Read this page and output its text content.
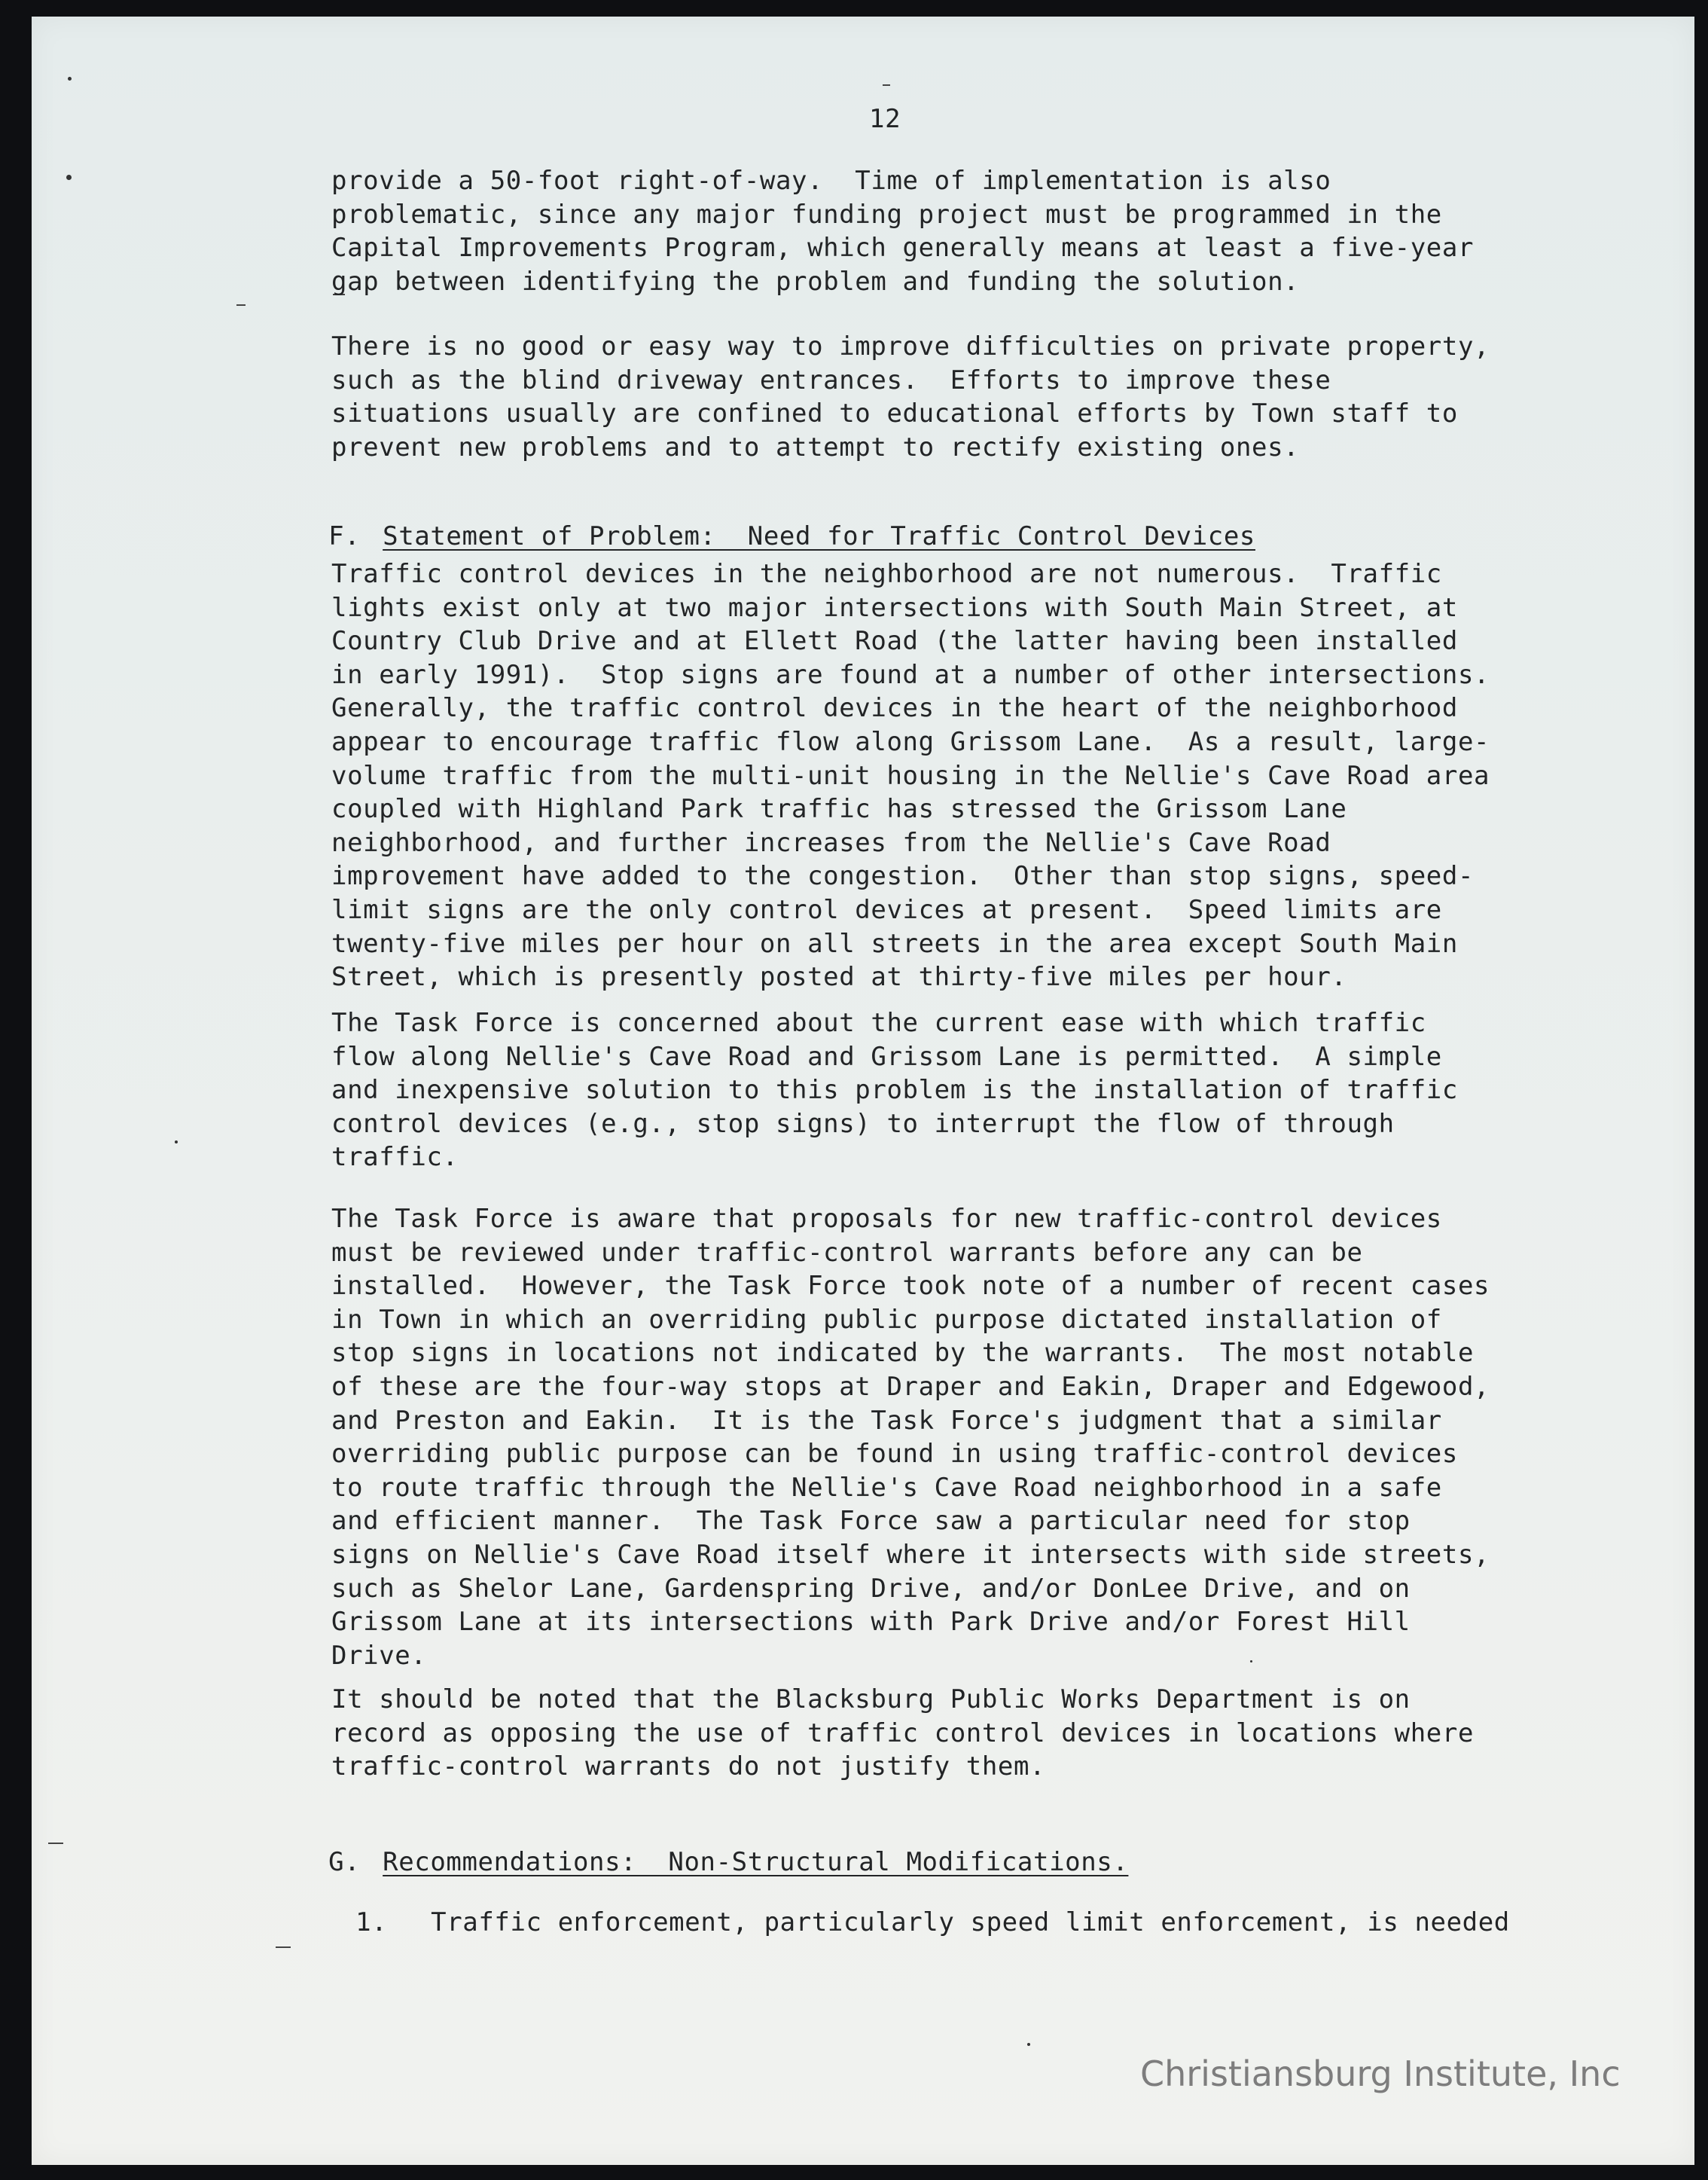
12

provide a 50-foot right-of-way.  Time of implementation is also
problematic, since any major funding project must be programmed in the
Capital Improvements Program, which generally means at least a five-year
gap between identifying the problem and funding the solution.

There is no good or easy way to improve difficulties on private property,
such as the blind driveway entrances.  Efforts to improve these
situations usually are confined to educational efforts by Town staff to
prevent new problems and to attempt to rectify existing ones.

F. Statement of Problem:  Need for Traffic Control Devices

Traffic control devices in the neighborhood are not numerous.  Traffic
lights exist only at two major intersections with South Main Street, at
Country Club Drive and at Ellett Road (the latter having been installed
in early 1991).  Stop signs are found at a number of other intersections.
Generally, the traffic control devices in the heart of the neighborhood
appear to encourage traffic flow along Grissom Lane.  As a result, large-
volume traffic from the multi-unit housing in the Nellie's Cave Road area
coupled with Highland Park traffic has stressed the Grissom Lane
neighborhood, and further increases from the Nellie's Cave Road
improvement have added to the congestion.  Other than stop signs, speed-
limit signs are the only control devices at present.  Speed limits are
twenty-five miles per hour on all streets in the area except South Main
Street, which is presently posted at thirty-five miles per hour.

The Task Force is concerned about the current ease with which traffic
flow along Nellie's Cave Road and Grissom Lane is permitted.  A simple
and inexpensive solution to this problem is the installation of traffic
control devices (e.g., stop signs) to interrupt the flow of through
traffic.

The Task Force is aware that proposals for new traffic-control devices
must be reviewed under traffic-control warrants before any can be
installed.  However, the Task Force took note of a number of recent cases
in Town in which an overriding public purpose dictated installation of
stop signs in locations not indicated by the warrants.  The most notable
of these are the four-way stops at Draper and Eakin, Draper and Edgewood,
and Preston and Eakin.  It is the Task Force's judgment that a similar
overriding public purpose can be found in using traffic-control devices
to route traffic through the Nellie's Cave Road neighborhood in a safe
and efficient manner.  The Task Force saw a particular need for stop
signs on Nellie's Cave Road itself where it intersects with side streets,
such as Shelor Lane, Gardenspring Drive, and/or DonLee Drive, and on
Grissom Lane at its intersections with Park Drive and/or Forest Hill
Drive.

It should be noted that the Blacksburg Public Works Department is on
record as opposing the use of traffic control devices in locations where
traffic-control warrants do not justify them.

G. Recommendations:  Non-Structural Modifications.

1. Traffic enforcement, particularly speed limit enforcement, is needed

Christiansburg Institute, Inc
